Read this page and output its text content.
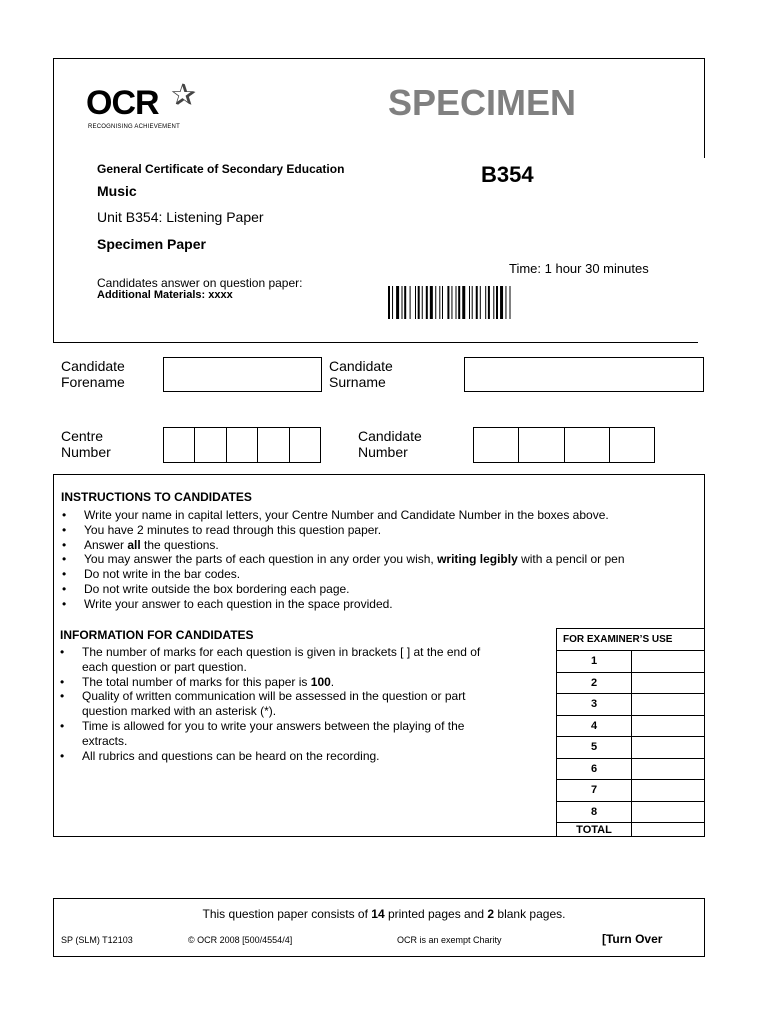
OCR ✰
RECOGNISING ACHIEVEMENT
SPECIMEN
B354
General Certificate of Secondary Education
Music
Unit B354: Listening Paper
Specimen Paper
Time: 1 hour 30 minutes
Candidates answer on question paper:
Additional Materials: xxxx
Candidate
Forename
Candidate
Surname
Centre
Number
Candidate
Number
INSTRUCTIONS TO CANDIDATES
• Write your name in capital letters, your Centre Number and Candidate Number in the boxes above.
• You have 2 minutes to read through this question paper.
• Answer all the questions.
• You may answer the parts of each question in any order you wish, writing legibly with a pencil or pen
• Do not write in the bar codes.
• Do not write outside the box bordering each page.
• Write your answer to each question in the space provided.
INFORMATION FOR CANDIDATES
• The number of marks for each question is given in brackets [ ] at the end of each question or part question.
• The total number of marks for this paper is 100.
• Quality of written communication will be assessed in the question or part question marked with an asterisk (*).
• Time is allowed for you to write your answers between the playing of the extracts.
• All rubrics and questions can be heard on the recording.
FOR EXAMINER’S USE	
1	
2	
3	
4	
5	
6	
7	
8	
TOTAL	
This question paper consists of 14 printed pages and 2 blank pages.
SP (SLM) T12103	© OCR 2008 [500/4554/4]	OCR is an exempt Charity	[Turn Over
